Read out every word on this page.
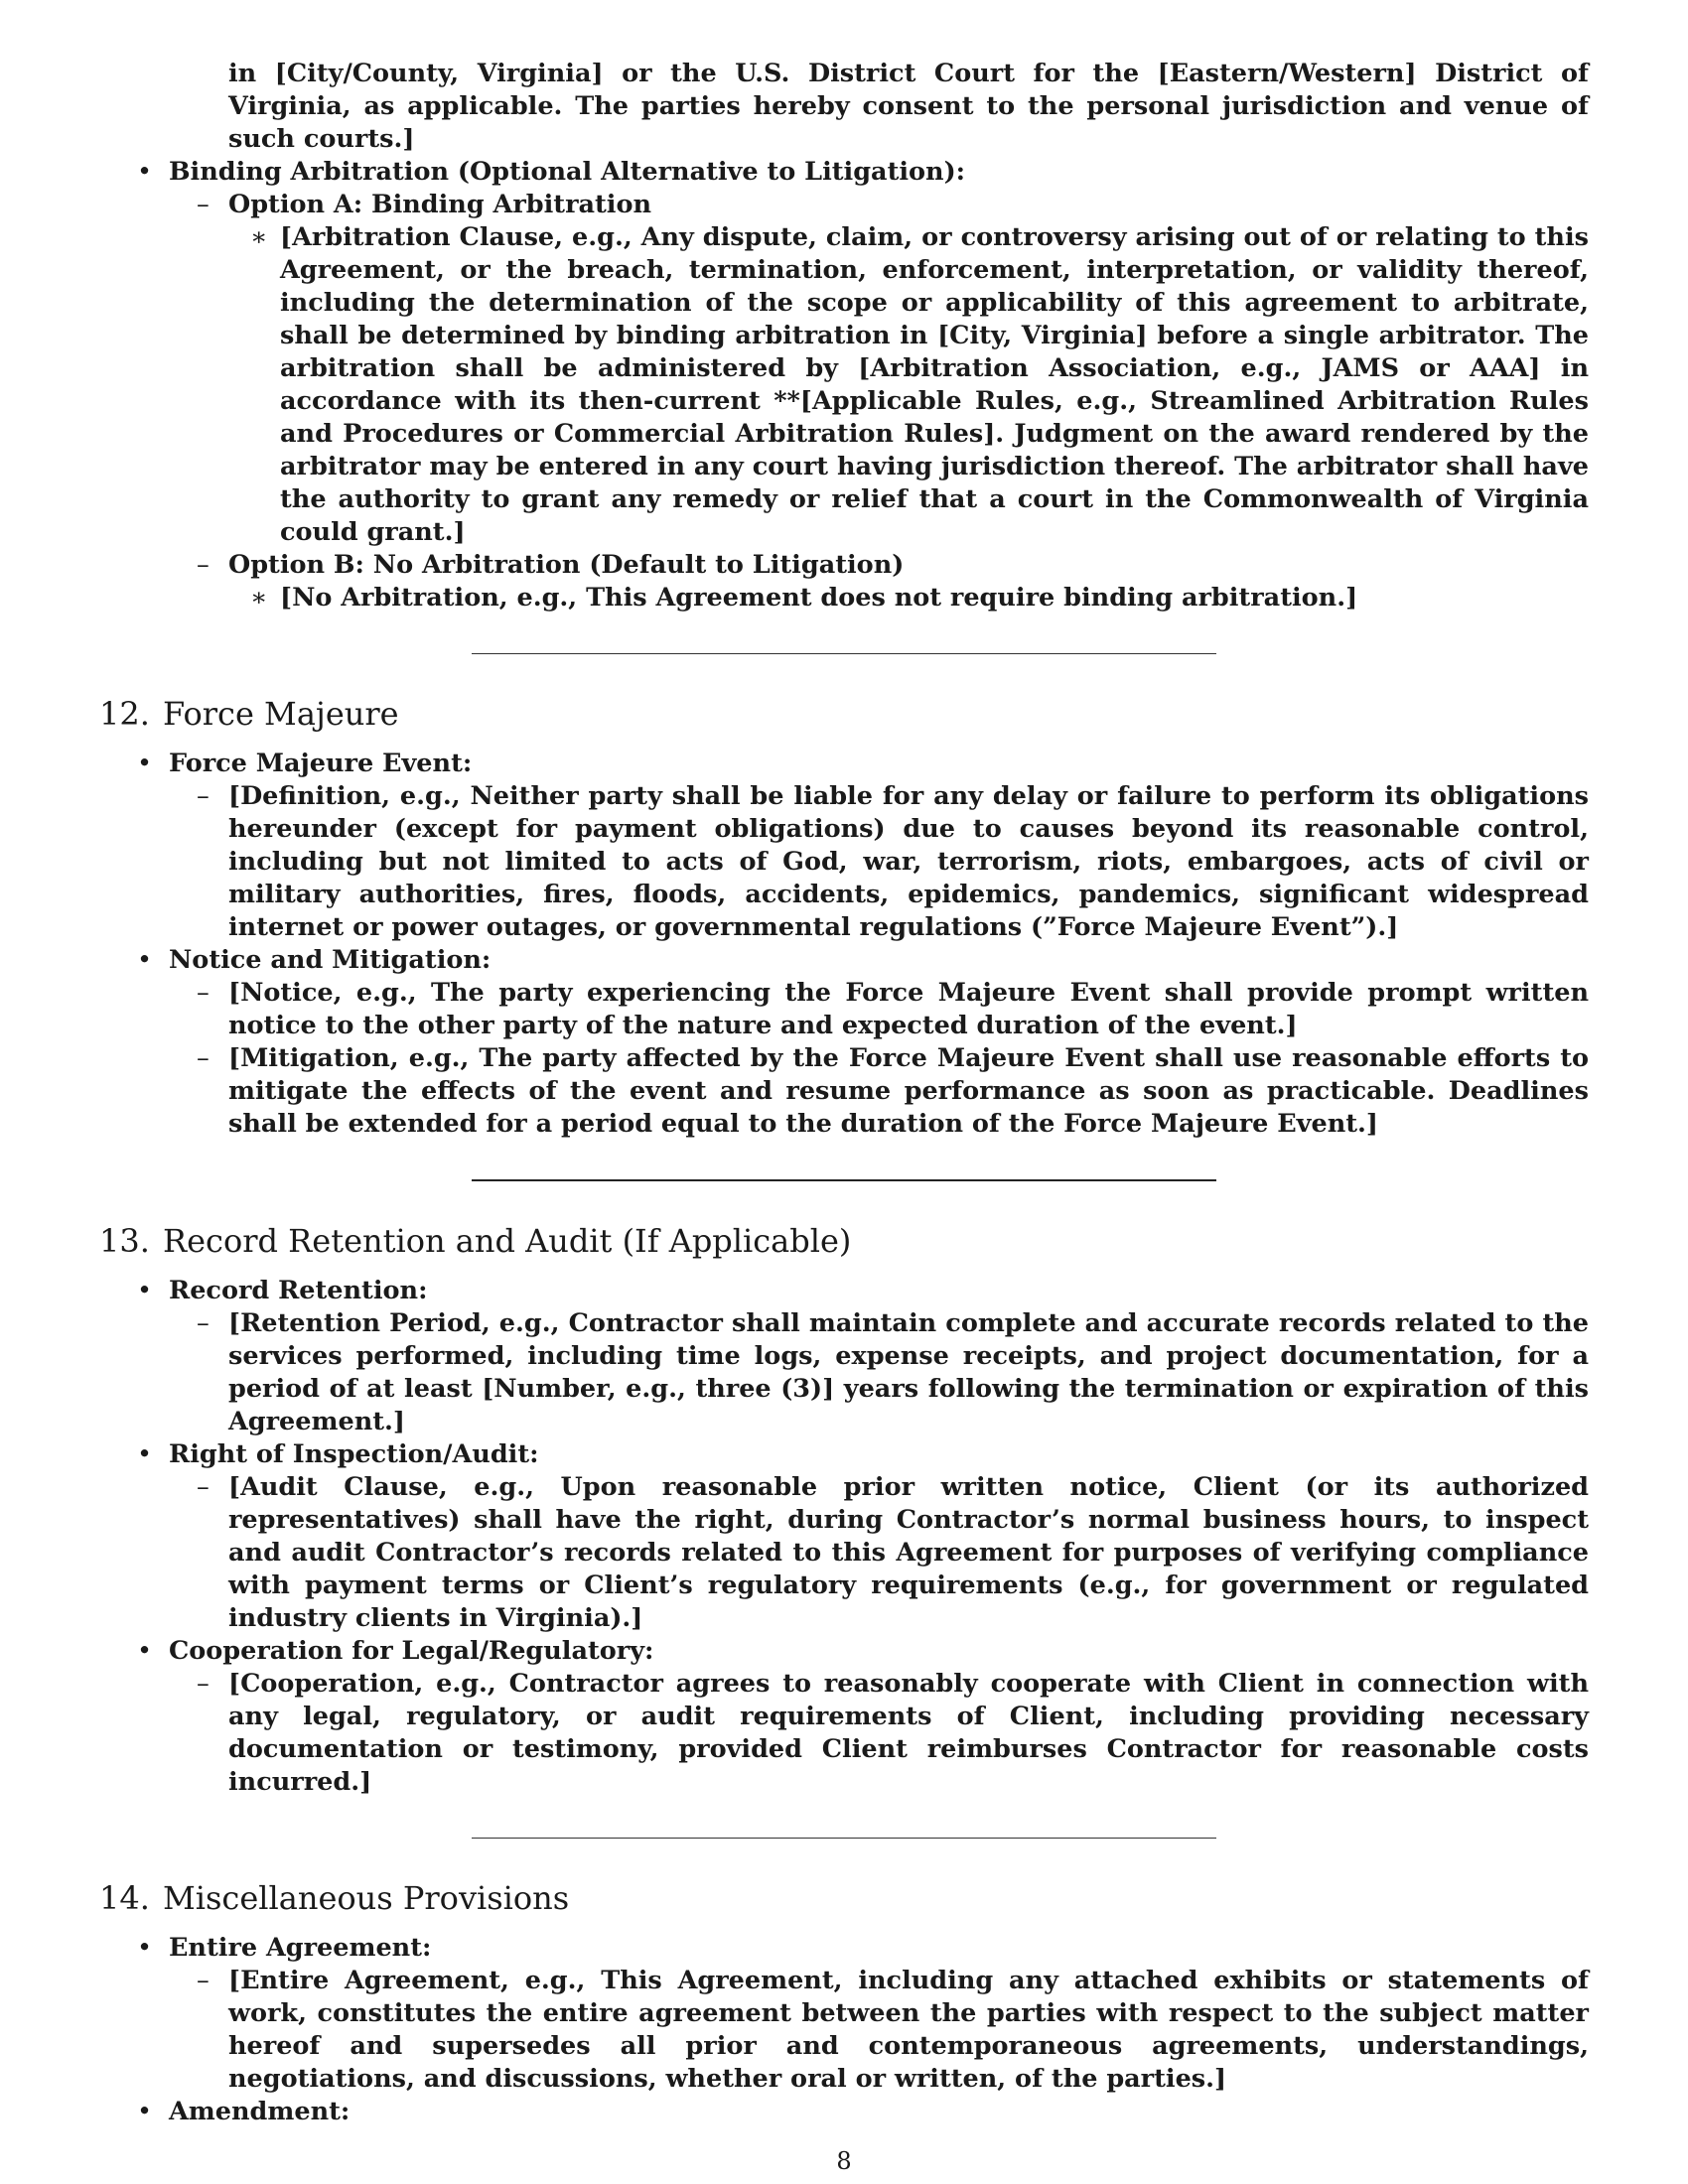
in [City/County, Virginia] or the U.S. District Court for the [Eastern/Western] District of Virginia, as applicable. The parties hereby consent to the personal jurisdiction and venue of such courts.]

• Binding Arbitration (Optional Alternative to Litigation):
– Option A: Binding Arbitration
∗ [Arbitration Clause, e.g., Any dispute, claim, or controversy arising out of or relating to this Agreement, or the breach, termination, enforcement, interpretation, or validity thereof, including the determination of the scope or applicability of this agreement to arbitrate, shall be determined by binding arbitration in [City, Virginia] before a single arbitrator. The arbitration shall be administered by [Arbitration Association, e.g., JAMS or AAA] in accordance with its then-current **[Applicable Rules, e.g., Streamlined Arbitration Rules and Procedures or Commercial Arbitration Rules]. Judgment on the award rendered by the arbitrator may be entered in any court having jurisdiction thereof. The arbitrator shall have the authority to grant any remedy or relief that a court in the Commonwealth of Virginia could grant.]

– Option B: No Arbitration (Default to Litigation)
∗ [No Arbitration, e.g., This Agreement does not require binding arbitration.]

12. Force Majeure
• Force Majeure Event:
– [Definition, e.g., Neither party shall be liable for any delay or failure to perform its obligations hereunder (except for payment obligations) due to causes beyond its reasonable control, including but not limited to acts of God, war, terrorism, riots, embargoes, acts of civil or military authorities, fires, floods, accidents, epidemics, pandemics, significant widespread internet or power outages, or governmental regulations (”Force Majeure Event”).]

• Notice and Mitigation:
– [Notice, e.g., The party experiencing the Force Majeure Event shall provide prompt written notice to the other party of the nature and expected duration of the event.]

– [Mitigation, e.g., The party affected by the Force Majeure Event shall use reasonable efforts to mitigate the effects of the event and resume performance as soon as practicable. Deadlines shall be extended for a period equal to the duration of the Force Majeure Event.]

13. Record Retention and Audit (If Applicable)
• Record Retention:
– [Retention Period, e.g., Contractor shall maintain complete and accurate records related to the services performed, including time logs, expense receipts, and project documentation, for a period of at least [Number, e.g., three (3)] years following the termination or expiration of this Agreement.]

• Right of Inspection/Audit:
– [Audit Clause, e.g., Upon reasonable prior written notice, Client (or its authorized representatives) shall have the right, during Contractor’s normal business hours, to inspect and audit Contractor’s records related to this Agreement for purposes of verifying compliance with payment terms or Client’s regulatory requirements (e.g., for government or regulated industry clients in Virginia).]

• Cooperation for Legal/Regulatory:
– [Cooperation, e.g., Contractor agrees to reasonably cooperate with Client in connection with any legal, regulatory, or audit requirements of Client, including providing necessary documentation or testimony, provided Client reimburses Contractor for reasonable costs incurred.]

14. Miscellaneous Provisions
• Entire Agreement:
– [Entire Agreement, e.g., This Agreement, including any attached exhibits or statements of work, constitutes the entire agreement between the parties with respect to the subject matter hereof and supersedes all prior and contemporaneous agreements, understandings, negotiations, and discussions, whether oral or written, of the parties.]

• Amendment:
8
